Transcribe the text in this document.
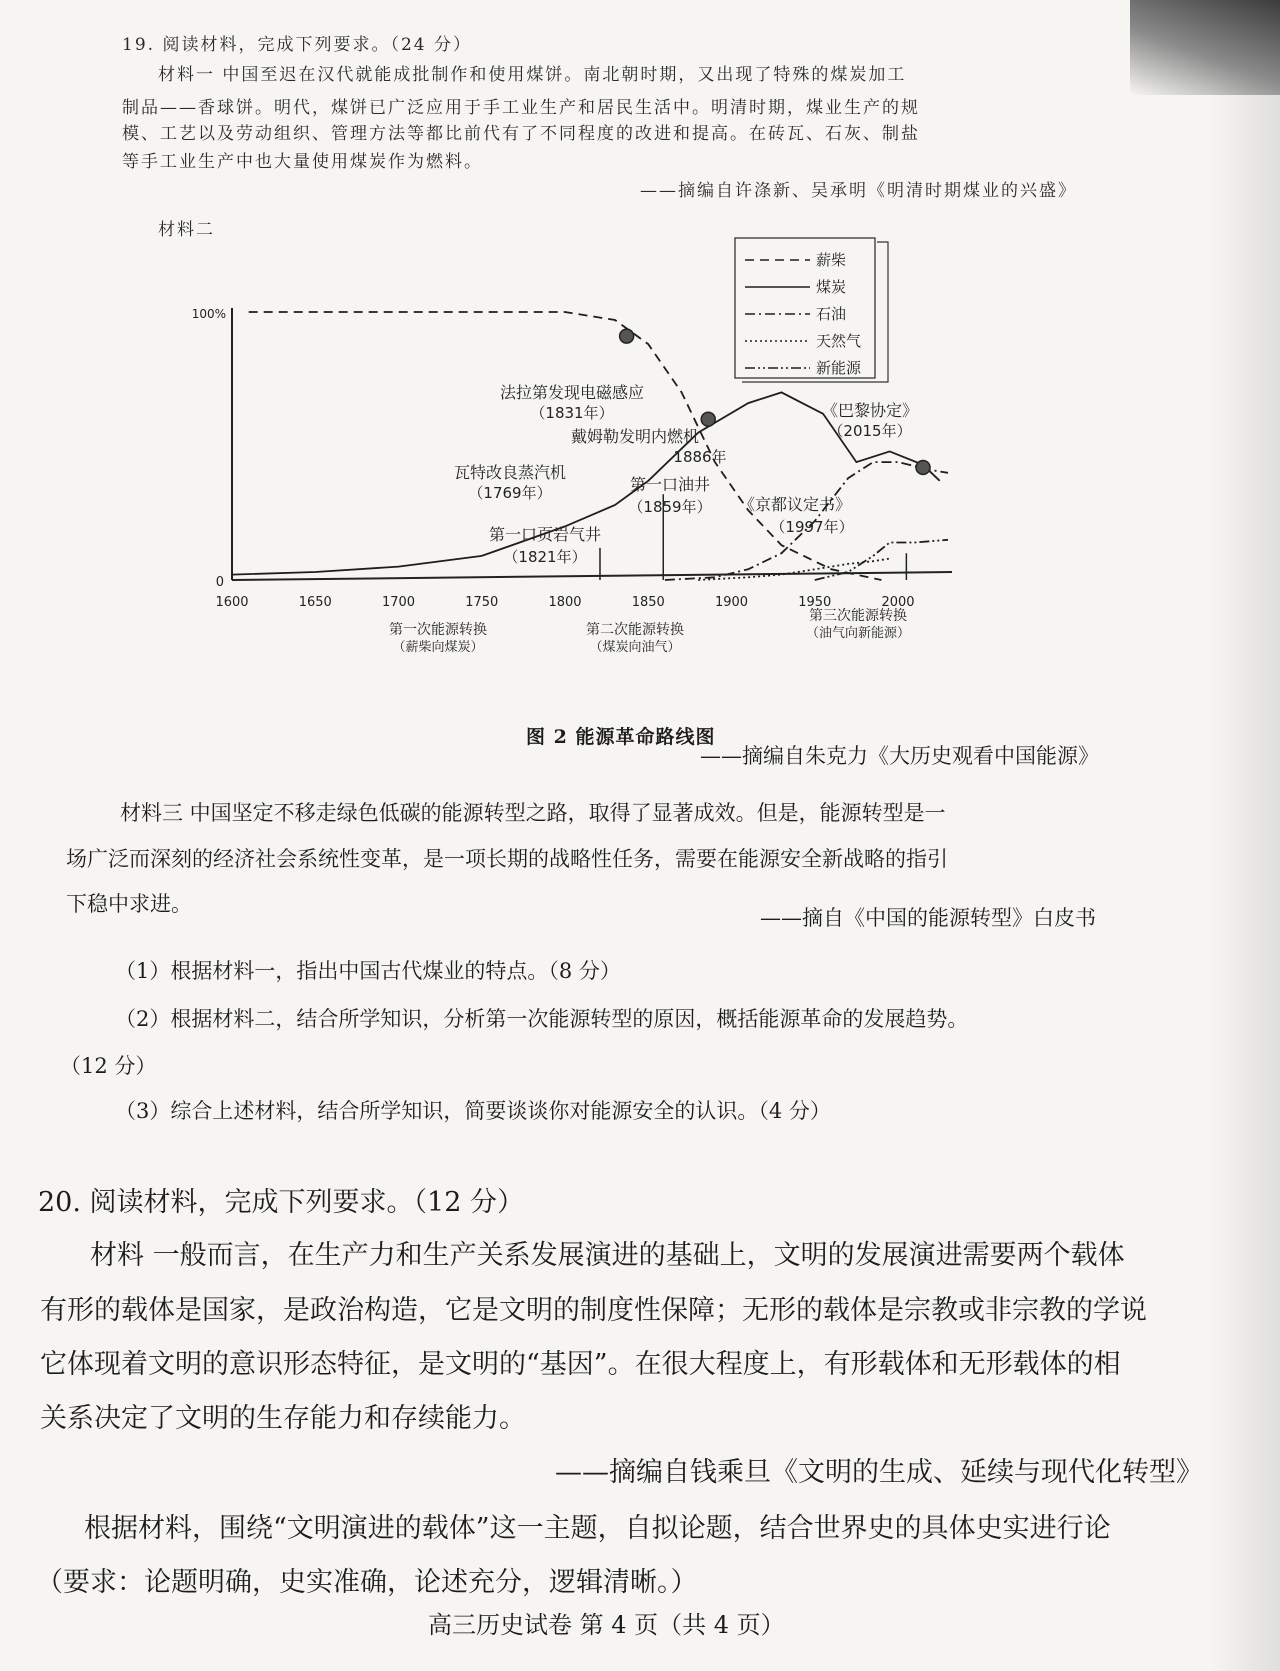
19. 阅读材料，完成下列要求。（24 分）
材料一 中国至迟在汉代就能成批制作和使用煤饼。南北朝时期，又出现了特殊的煤炭加工
制品——香球饼。明代，煤饼已广泛应用于手工业生产和居民生活中。明清时期，煤业生产的规
模、工艺以及劳动组织、管理方法等都比前代有了不同程度的改进和提高。在砖瓦、石灰、制盐
等手工业生产中也大量使用煤炭作为燃料。
——摘编自许涤新、吴承明《明清时期煤业的兴盛》
材料二
100%
0
1600	1650	1700	1750	1800	1850	1900	1950	2000
瓦特改良蒸汽机
（1769年）
第一口页岩气井
（1821年）
法拉第发现电磁感应
（1831年）
第一口油井
（1859年）
戴姆勒发明内燃机
1886年
《京都议定书》
（1997年）
《巴黎协定》
（2015年）
第一次能源转换
（薪柴向煤炭）
第二次能源转换
（煤炭向油气）
第三次能源转换
（油气向新能源）
薪柴
煤炭
石油
天然气
新能源
图 2 能源革命路线图
——摘编自朱克力《大历史观看中国能源》
材料三 中国坚定不移走绿色低碳的能源转型之路，取得了显著成效。但是，能源转型是一
场广泛而深刻的经济社会系统性变革，是一项长期的战略性任务，需要在能源安全新战略的指引
下稳中求进。
——摘自《中国的能源转型》白皮书
（1）根据材料一，指出中国古代煤业的特点。（8 分）
（2）根据材料二，结合所学知识，分析第一次能源转型的原因，概括能源革命的发展趋势。
（12 分）
（3）综合上述材料，结合所学知识，简要谈谈你对能源安全的认识。（4 分）
20. 阅读材料，完成下列要求。（12 分）
材料 一般而言，在生产力和生产关系发展演进的基础上，文明的发展演进需要两个载体
有形的载体是国家，是政治构造，它是文明的制度性保障；无形的载体是宗教或非宗教的学说
它体现着文明的意识形态特征，是文明的“基因”。在很大程度上，有形载体和无形载体的相
关系决定了文明的生存能力和存续能力。
——摘编自钱乘旦《文明的生成、延续与现代化转型》
根据材料，围绕“文明演进的载体”这一主题，自拟论题，结合世界史的具体史实进行论
（要求：论题明确，史实准确，论述充分，逻辑清晰。）
高三历史试卷 第 4 页（共 4 页）
